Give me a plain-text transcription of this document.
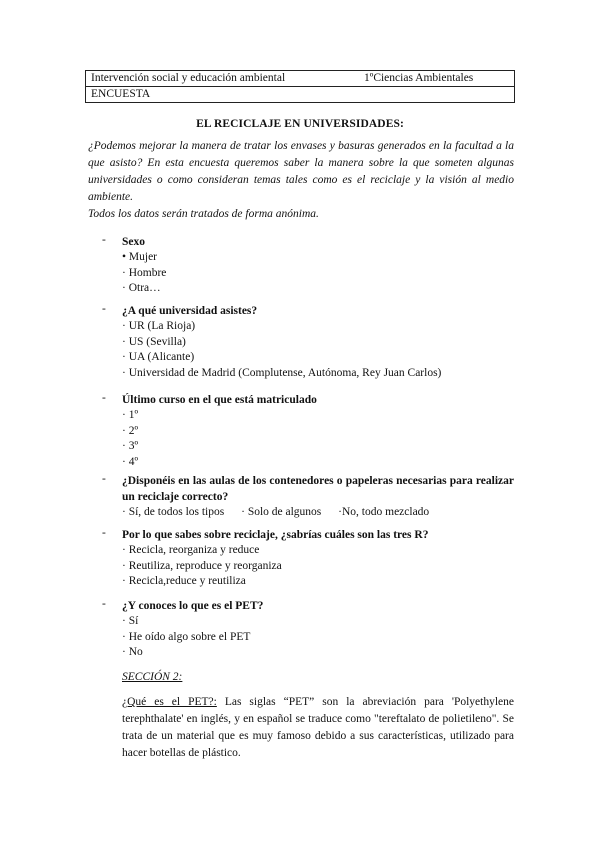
Intervención social y educación ambiental	1ºCiencias Ambientales
ENCUESTA
EL RECICLAJE EN UNIVERSIDADES:
¿Podemos mejorar la manera de tratar los envases y basuras generados en la facultad a la que asisto? En esta encuesta queremos saber la manera sobre la que someten algunas universidades o como consideran temas tales como es el reciclaje y la visión al medio ambiente.
Todos los datos serán tratados de forma anónima.
- Sexo
• Mujer
· Hombre
· Otra…
- ¿A qué universidad asistes?
· UR (La Rioja)
· US (Sevilla)
· UA (Alicante)
· Universidad de Madrid (Complutense, Autónoma, Rey Juan Carlos)
- Último curso en el que está matriculado
· 1º
· 2º
· 3º
· 4º
- ¿Disponéis en las aulas de los contenedores o papeleras necesarias para realizar un reciclaje correcto?
· Sí, de todos los tipos · Solo de algunos ·No, todo mezclado
- Por lo que sabes sobre reciclaje, ¿sabrías cuáles son las tres R?
· Recicla, reorganiza y reduce
· Reutiliza, reproduce y reorganiza
· Recicla,reduce y reutiliza
- ¿Y conoces lo que es el PET?
· Sí
· He oído algo sobre el PET
· No
SECCIÓN 2:
¿Qué es el PET?: Las siglas “PET” son la abreviación para 'Polyethylene terephthalate' en inglés, y en español se traduce como "tereftalato de polietileno". Se trata de un material que es muy famoso debido a sus características, utilizado para hacer botellas de plástico.
